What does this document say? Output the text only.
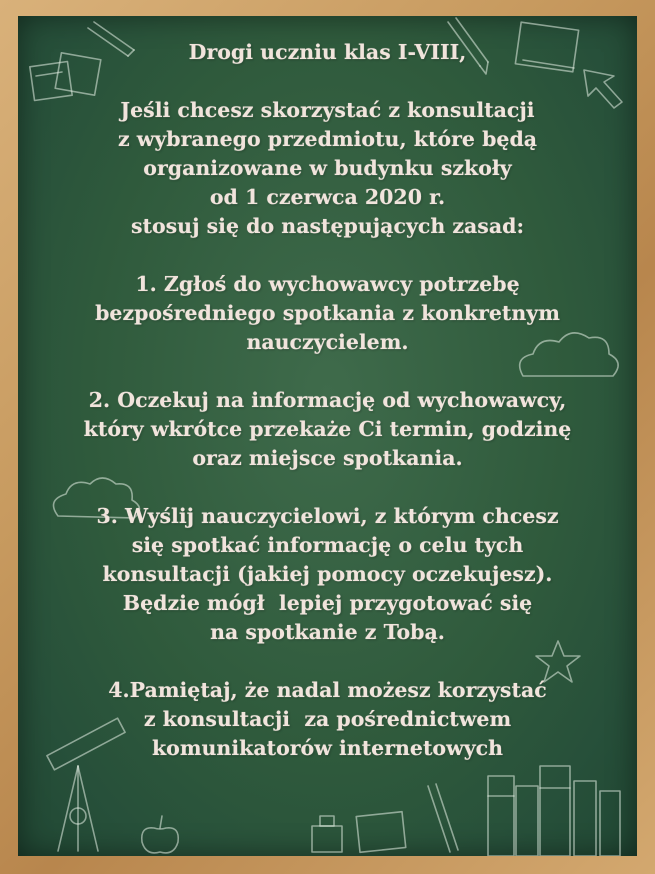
Drogi uczniu klas I-VIII,
Jeśli chcesz skorzystać z konsultacji
z wybranego przedmiotu, które będą
organizowane w budynku szkoły
od 1 czerwca 2020 r.
stosuj się do następujących zasad:
1. Zgłoś do wychowawcy potrzebę
bezpośredniego spotkania z konkretnym
nauczycielem.
2. Oczekuj na informację od wychowawcy,
który wkrótce przekaże Ci termin, godzinę
oraz miejsce spotkania.
3. Wyślij nauczycielowi, z którym chcesz
się spotkać informację o celu tych
konsultacji (jakiej pomocy oczekujesz).
Będzie mógł  lepiej przygotować się
na spotkanie z Tobą.
4.Pamiętaj, że nadal możesz korzystać
z konsultacji  za pośrednictwem
komunikatorów internetowych
